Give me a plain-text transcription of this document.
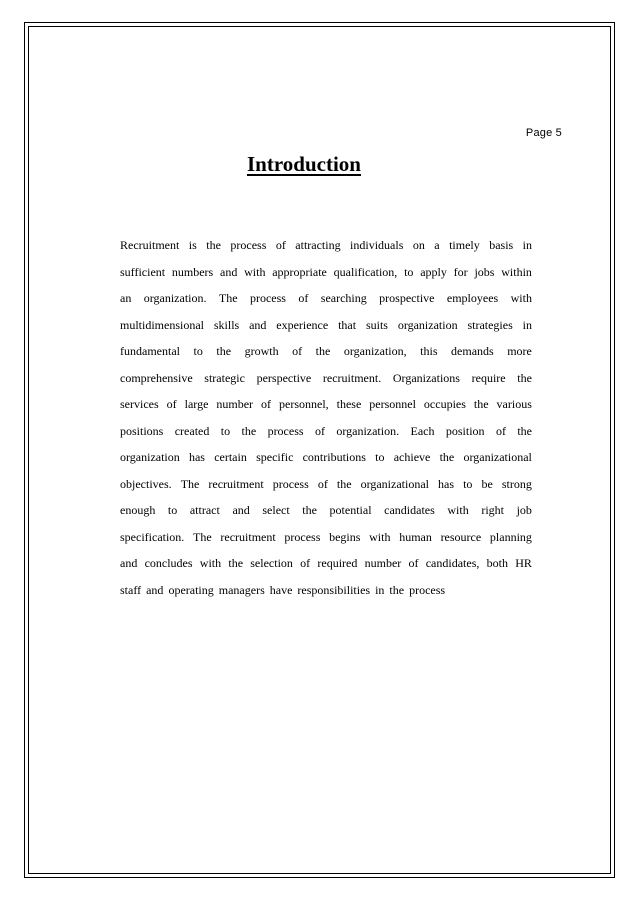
Page 5
Introduction
Recruitment is the process of attracting individuals on a timely basis in
sufficient numbers and with appropriate qualification, to apply for jobs within
an organization. The process of searching prospective employees with
multidimensional skills and experience that suits organization strategies in
fundamental to the growth of the organization, this demands more
comprehensive strategic perspective recruitment. Organizations require the
services of large number of personnel, these personnel occupies the various
positions created to the process of organization. Each position of the
organization has certain specific contributions to achieve the organizational
objectives. The recruitment process of the organizational has to be strong
enough to attract and select the potential candidates with right job
specification. The recruitment process begins with human resource planning
and concludes with the selection of required number of candidates, both HR
staff and operating managers have responsibilities in the process
